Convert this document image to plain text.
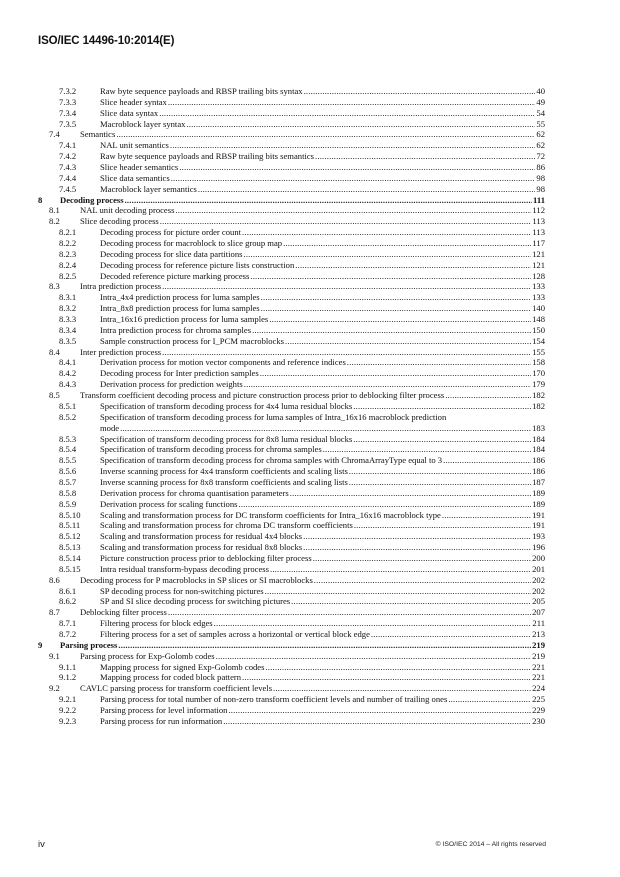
ISO/IEC 14496-10:2014(E)
7.3.2	Raw byte sequence payloads and RBSP trailing bits syntax .....	40
7.3.3	Slice header syntax .....	49
7.3.4	Slice data syntax .....	54
7.3.5	Macroblock layer syntax .....	55
7.4 Semantics .....	62
7.4.1	NAL unit semantics .....	62
7.4.2	Raw byte sequence payloads and RBSP trailing bits semantics .....	72
7.4.3	Slice header semantics .....	86
7.4.4	Slice data semantics .....	98
7.4.5	Macroblock layer semantics .....	98
8 Decoding process .....	111
8.1 NAL unit decoding process .....	112
8.2 Slice decoding process .....	113
8.2.1	Decoding process for picture order count .....	113
8.2.2	Decoding process for macroblock to slice group map .....	117
8.2.3	Decoding process for slice data partitions .....	121
8.2.4	Decoding process for reference picture lists construction .....	121
8.2.5	Decoded reference picture marking process .....	128
8.3 Intra prediction process .....	133
8.3.1	Intra_4x4 prediction process for luma samples .....	133
8.3.2	Intra_8x8 prediction process for luma samples .....	140
8.3.3	Intra_16x16 prediction process for luma samples .....	148
8.3.4	Intra prediction process for chroma samples .....	150
8.3.5	Sample construction process for I_PCM macroblocks .....	154
8.4 Inter prediction process .....	155
8.4.1	Derivation process for motion vector components and reference indices .....	158
8.4.2	Decoding process for Inter prediction samples .....	170
8.4.3	Derivation process for prediction weights .....	179
8.5 Transform coefficient decoding process and picture construction process prior to deblocking filter process .....	182
8.5.1	Specification of transform decoding process for 4x4 luma residual blocks .....	182
8.5.2	Specification of transform decoding process for luma samples of Intra_16x16 macroblock prediction
mode .....	183
8.5.3	Specification of transform decoding process for 8x8 luma residual blocks .....	184
8.5.4	Specification of transform decoding process for chroma samples .....	184
8.5.5	Specification of transform decoding process for chroma samples with ChromaArrayType equal to 3 .....	186
8.5.6	Inverse scanning process for 4x4 transform coefficients and scaling lists .....	186
8.5.7	Inverse scanning process for 8x8 transform coefficients and scaling lists .....	187
8.5.8	Derivation process for chroma quantisation parameters .....	189
8.5.9	Derivation process for scaling functions .....	189
8.5.10 Scaling and transformation process for DC transform coefficients for Intra_16x16 macroblock type .....	191
8.5.11 Scaling and transformation process for chroma DC transform coefficients .....	191
8.5.12 Scaling and transformation process for residual 4x4 blocks .....	193
8.5.13 Scaling and transformation process for residual 8x8 blocks .....	196
8.5.14 Picture construction process prior to deblocking filter process .....	200
8.5.15 Intra residual transform-bypass decoding process .....	201
8.6 Decoding process for P macroblocks in SP slices or SI macroblocks .....	202
8.6.1	SP decoding process for non-switching pictures .....	202
8.6.2	SP and SI slice decoding process for switching pictures .....	205
8.7 Deblocking filter process .....	207
8.7.1	Filtering process for block edges .....	211
8.7.2	Filtering process for a set of samples across a horizontal or vertical block edge .....	213
9 Parsing process .....	219
9.1 Parsing process for Exp-Golomb codes .....	219
9.1.1	Mapping process for signed Exp-Golomb codes .....	221
9.1.2	Mapping process for coded block pattern .....	221
9.2 CAVLC parsing process for transform coefficient levels .....	224
9.2.1	Parsing process for total number of non-zero transform coefficient levels and number of trailing ones .....	225
9.2.2	Parsing process for level information .....	229
9.2.3	Parsing process for run information .....	230
iv	© ISO/IEC 2014 – All rights reserved
